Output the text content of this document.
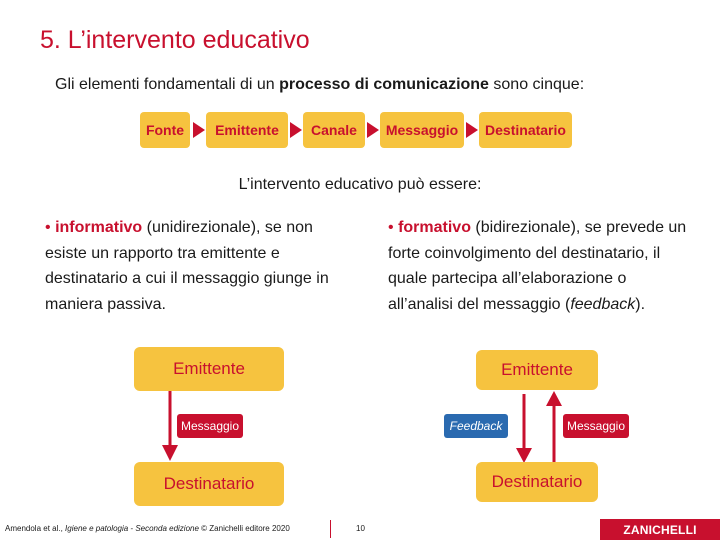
5. L’intervento educativo
Gli elementi fondamentali di un processo di comunicazione sono cinque:
Fonte	Emittente	Canale	Messaggio	Destinatario
L’intervento educativo può essere:
• informativo (unidirezionale), se non esiste un rapporto tra emittente e destinatario a cui il messaggio giunge in maniera passiva.
• formativo (bidirezionale), se prevede un forte coinvolgimento del destinatario, il quale partecipa all’elaborazione o all’analisi del messaggio (feedback).
Emittente
Messaggio
Destinatario
Emittente
Feedback	Messaggio
Destinatario
Amendola et al., Igiene e patologia - Seconda edizione © Zanichelli editore 2020	10	ZANICHELLI
